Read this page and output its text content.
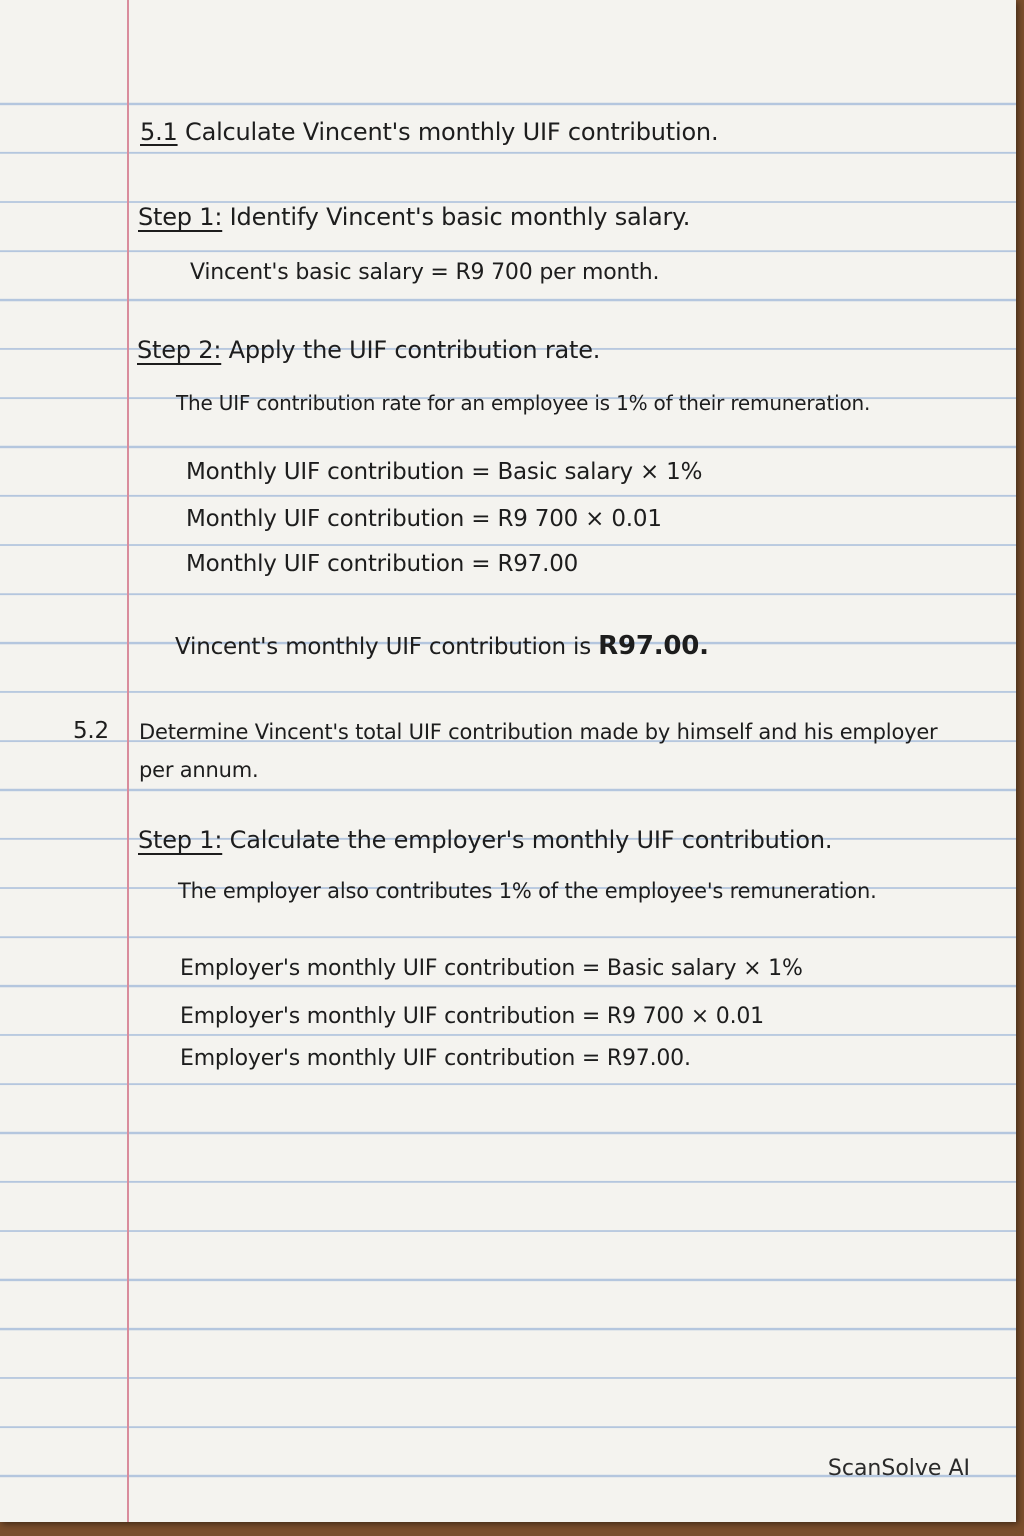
5.1 Calculate Vincent's monthly UIF contribution.
Step 1: Identify Vincent's basic monthly salary.
Vincent's basic salary = R9 700 per month.
Step 2: Apply the UIF contribution rate.
The UIF contribution rate for an employee is 1% of their remuneration.
Monthly UIF contribution = Basic salary × 1%
Monthly UIF contribution = R9 700 × 0.01
Monthly UIF contribution = R97.00
Vincent's monthly UIF contribution is R97.00.
5.2 Determine Vincent's total UIF contribution made by himself and his employer
per annum.
Step 1: Calculate the employer's monthly UIF contribution.
The employer also contributes 1% of the employee's remuneration.
Employer's monthly UIF contribution = Basic salary × 1%
Employer's monthly UIF contribution = R9 700 × 0.01
Employer's monthly UIF contribution = R97.00.
ScanSolve AI
